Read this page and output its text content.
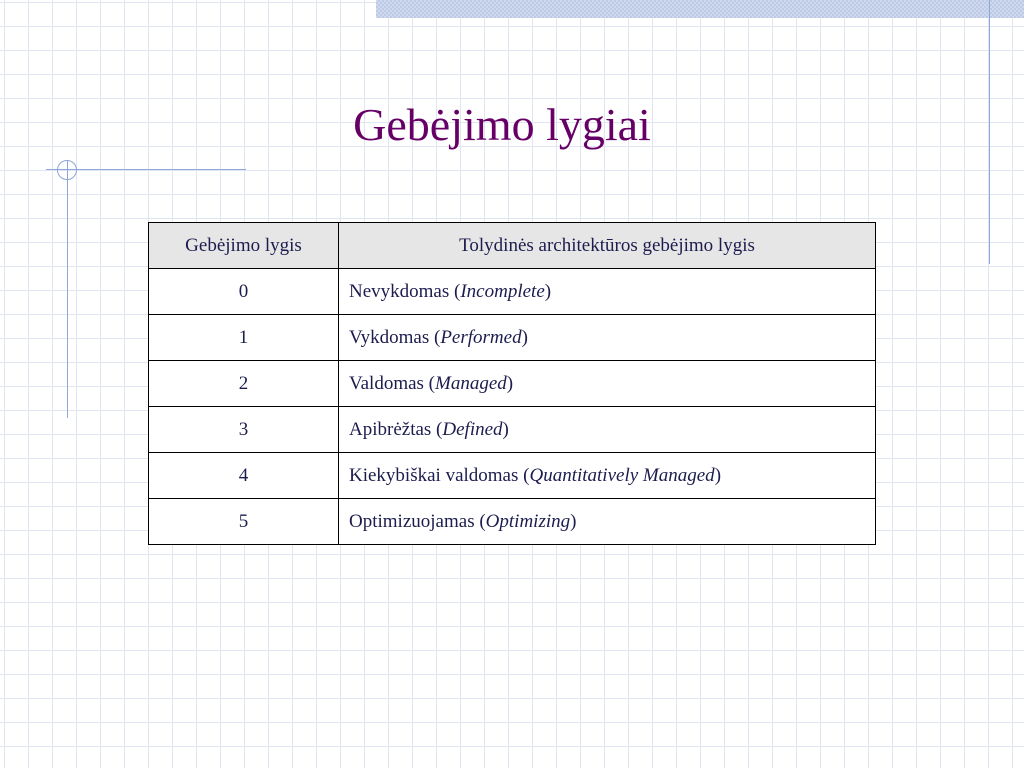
Gebėjimo lygiai
Gebėjimo lygis	Tolydinės architektūros gebėjimo lygis
0	Nevykdomas (Incomplete)
1	Vykdomas (Performed)
2	Valdomas (Managed)
3	Apibrėžtas (Defined)
4	Kiekybiškai valdomas (Quantitatively Managed)
5	Optimizuojamas (Optimizing)
